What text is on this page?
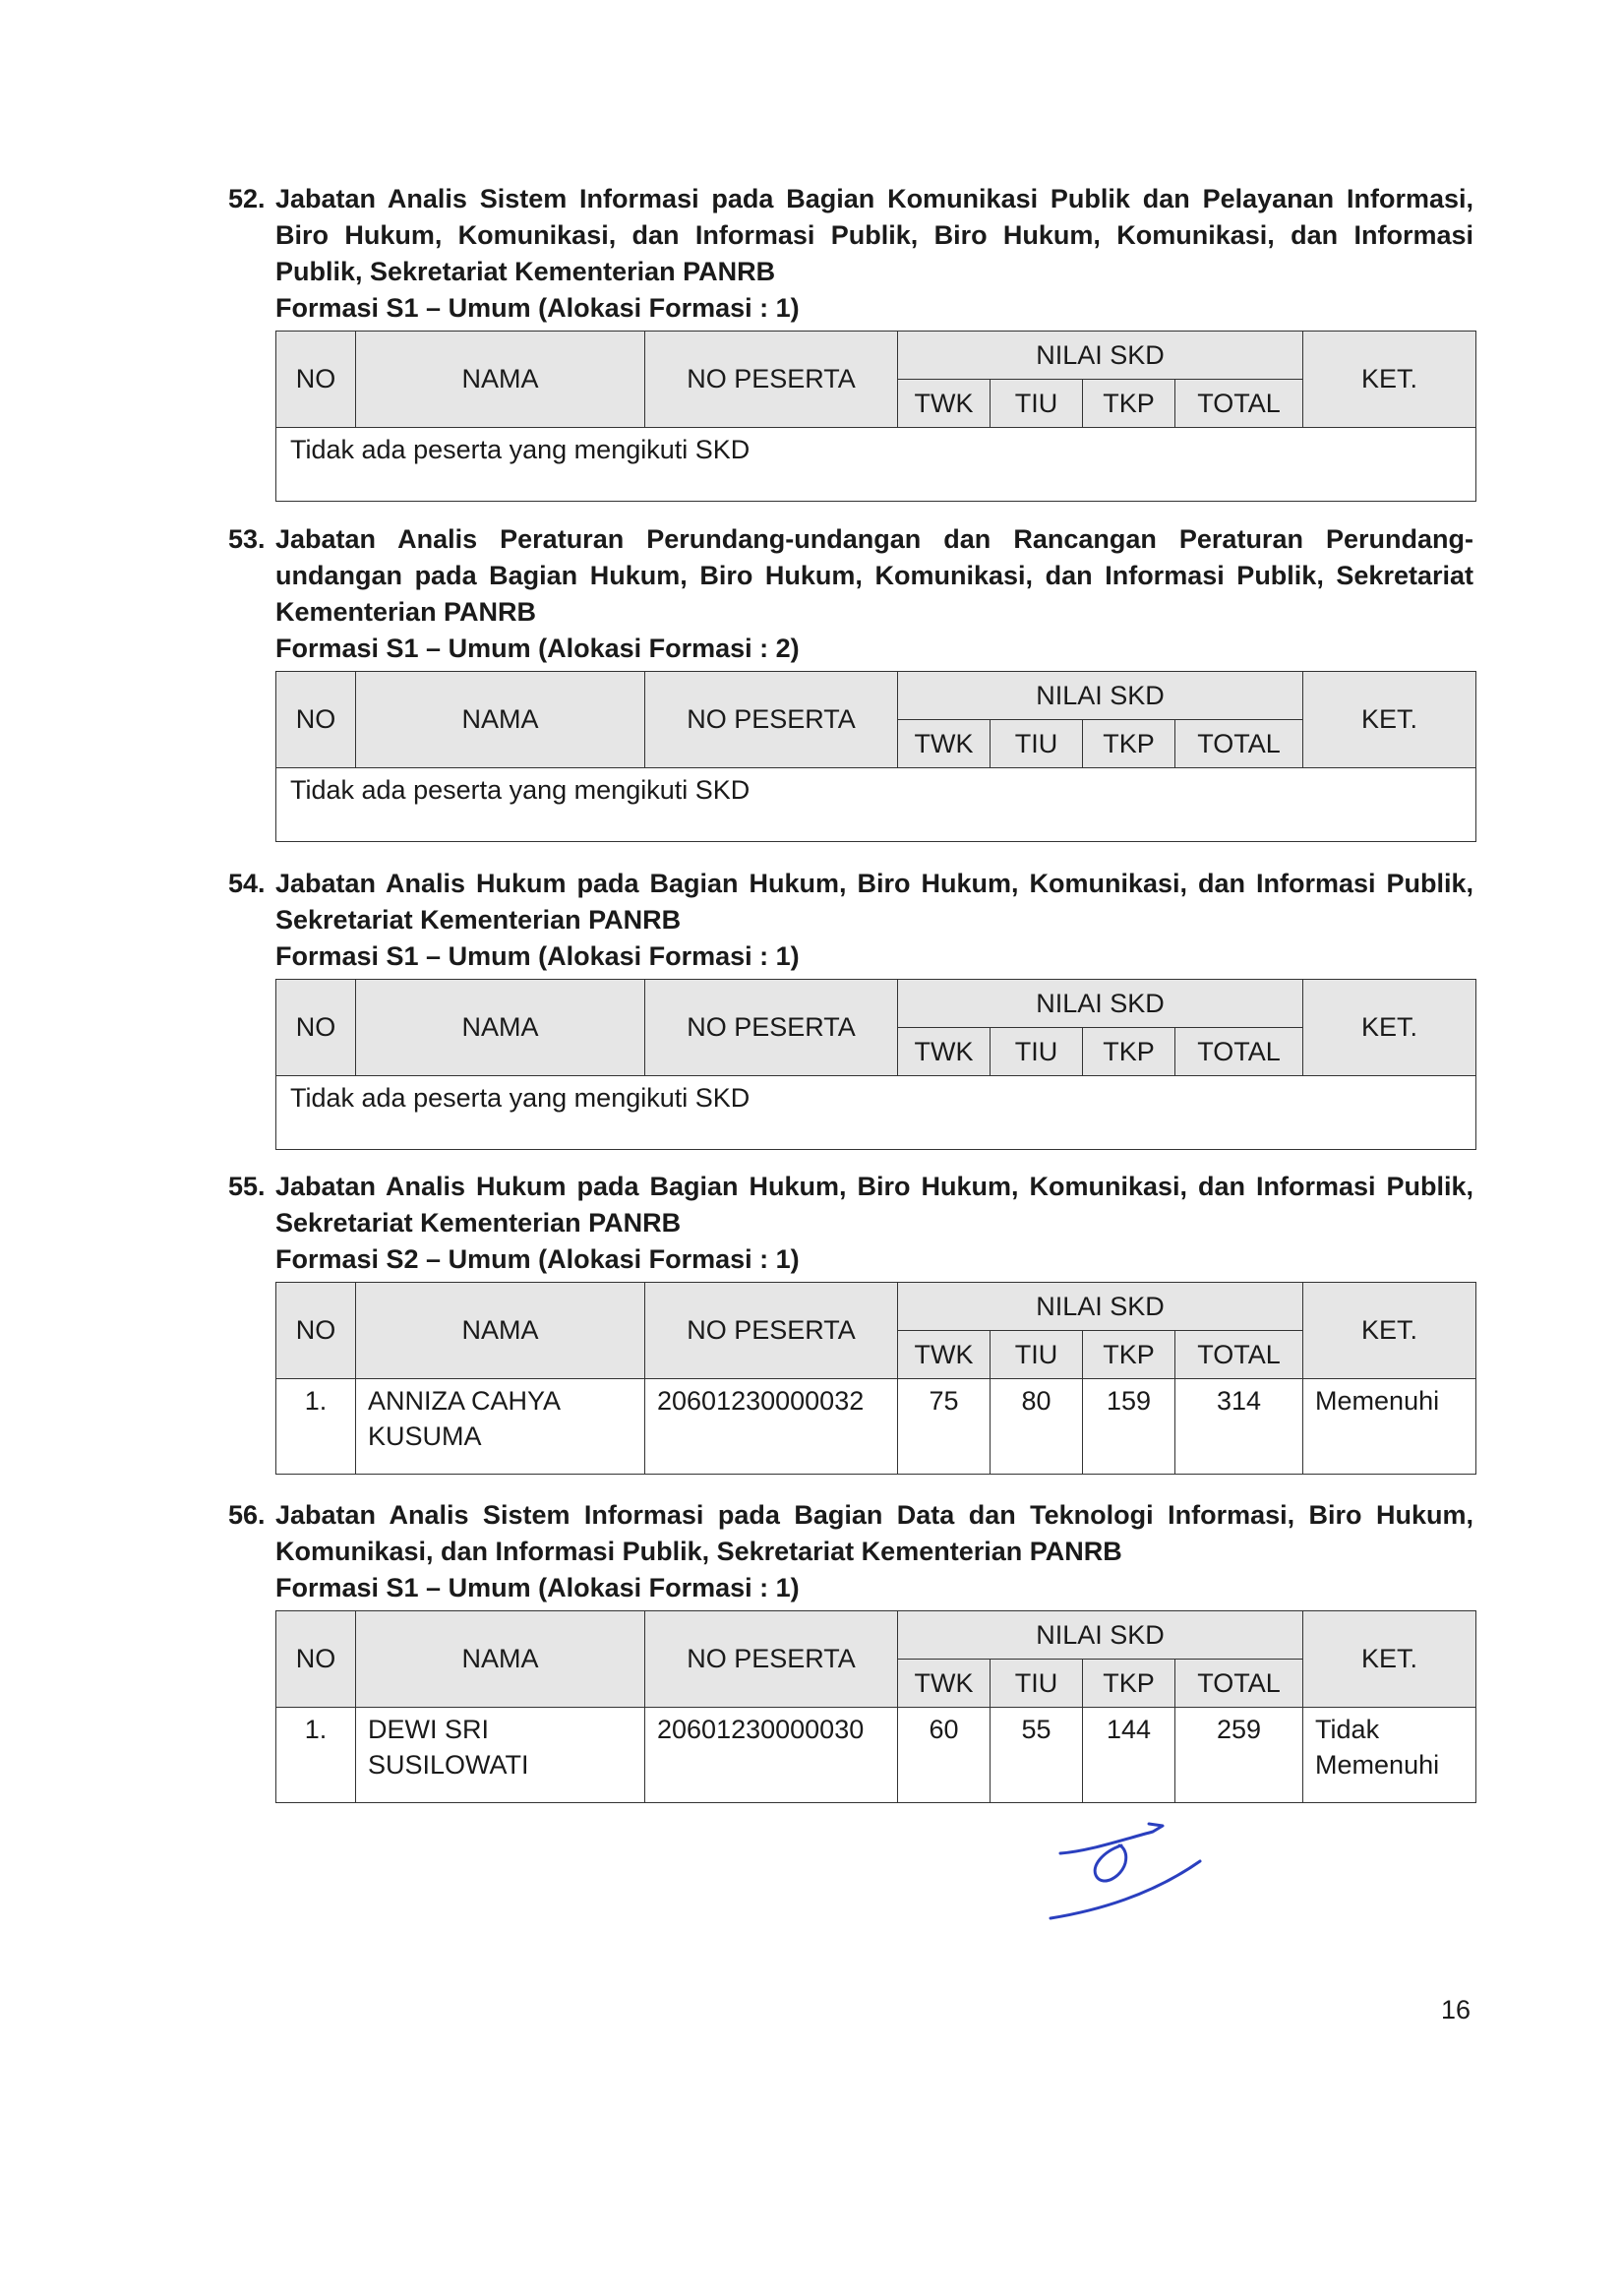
52. Jabatan Analis Sistem Informasi pada Bagian Komunikasi Publik dan Pelayanan Informasi, Biro Hukum, Komunikasi, dan Informasi Publik, Biro Hukum, Komunikasi, dan Informasi Publik, Sekretariat Kementerian PANRB
Formasi S1 – Umum (Alokasi Formasi : 1)
NO	NAMA	NO PESERTA	NILAI SKD				KET.
			TWK	TIU	TKP	TOTAL	
Tidak ada peserta yang mengikuti SKD							
53. Jabatan Analis Peraturan Perundang-undangan dan Rancangan Peraturan Perundang-undangan pada Bagian Hukum, Biro Hukum, Komunikasi, dan Informasi Publik, Sekretariat Kementerian PANRB
Formasi S1 – Umum (Alokasi Formasi : 2)
NO	NAMA	NO PESERTA	NILAI SKD				KET.
			TWK	TIU	TKP	TOTAL	
Tidak ada peserta yang mengikuti SKD							
54. Jabatan Analis Hukum pada Bagian Hukum, Biro Hukum, Komunikasi, dan Informasi Publik, Sekretariat Kementerian PANRB
Formasi S1 – Umum (Alokasi Formasi : 1)
NO	NAMA	NO PESERTA	NILAI SKD				KET.
			TWK	TIU	TKP	TOTAL	
Tidak ada peserta yang mengikuti SKD							
55. Jabatan Analis Hukum pada Bagian Hukum, Biro Hukum, Komunikasi, dan Informasi Publik, Sekretariat Kementerian PANRB
Formasi S2 – Umum (Alokasi Formasi : 1)
NO	NAMA	NO PESERTA	NILAI SKD				KET.
			TWK	TIU	TKP	TOTAL	
1.	ANNIZA CAHYA KUSUMA	20601230000032	75	80	159	314	Memenuhi
56. Jabatan Analis Sistem Informasi pada Bagian Data dan Teknologi Informasi, Biro Hukum, Komunikasi, dan Informasi Publik, Sekretariat Kementerian PANRB
Formasi S1 – Umum (Alokasi Formasi : 1)
NO	NAMA	NO PESERTA	NILAI SKD				KET.
			TWK	TIU	TKP	TOTAL	
1.	DEWI SRI SUSILOWATI	20601230000030	60	55	144	259	Tidak Memenuhi
16
